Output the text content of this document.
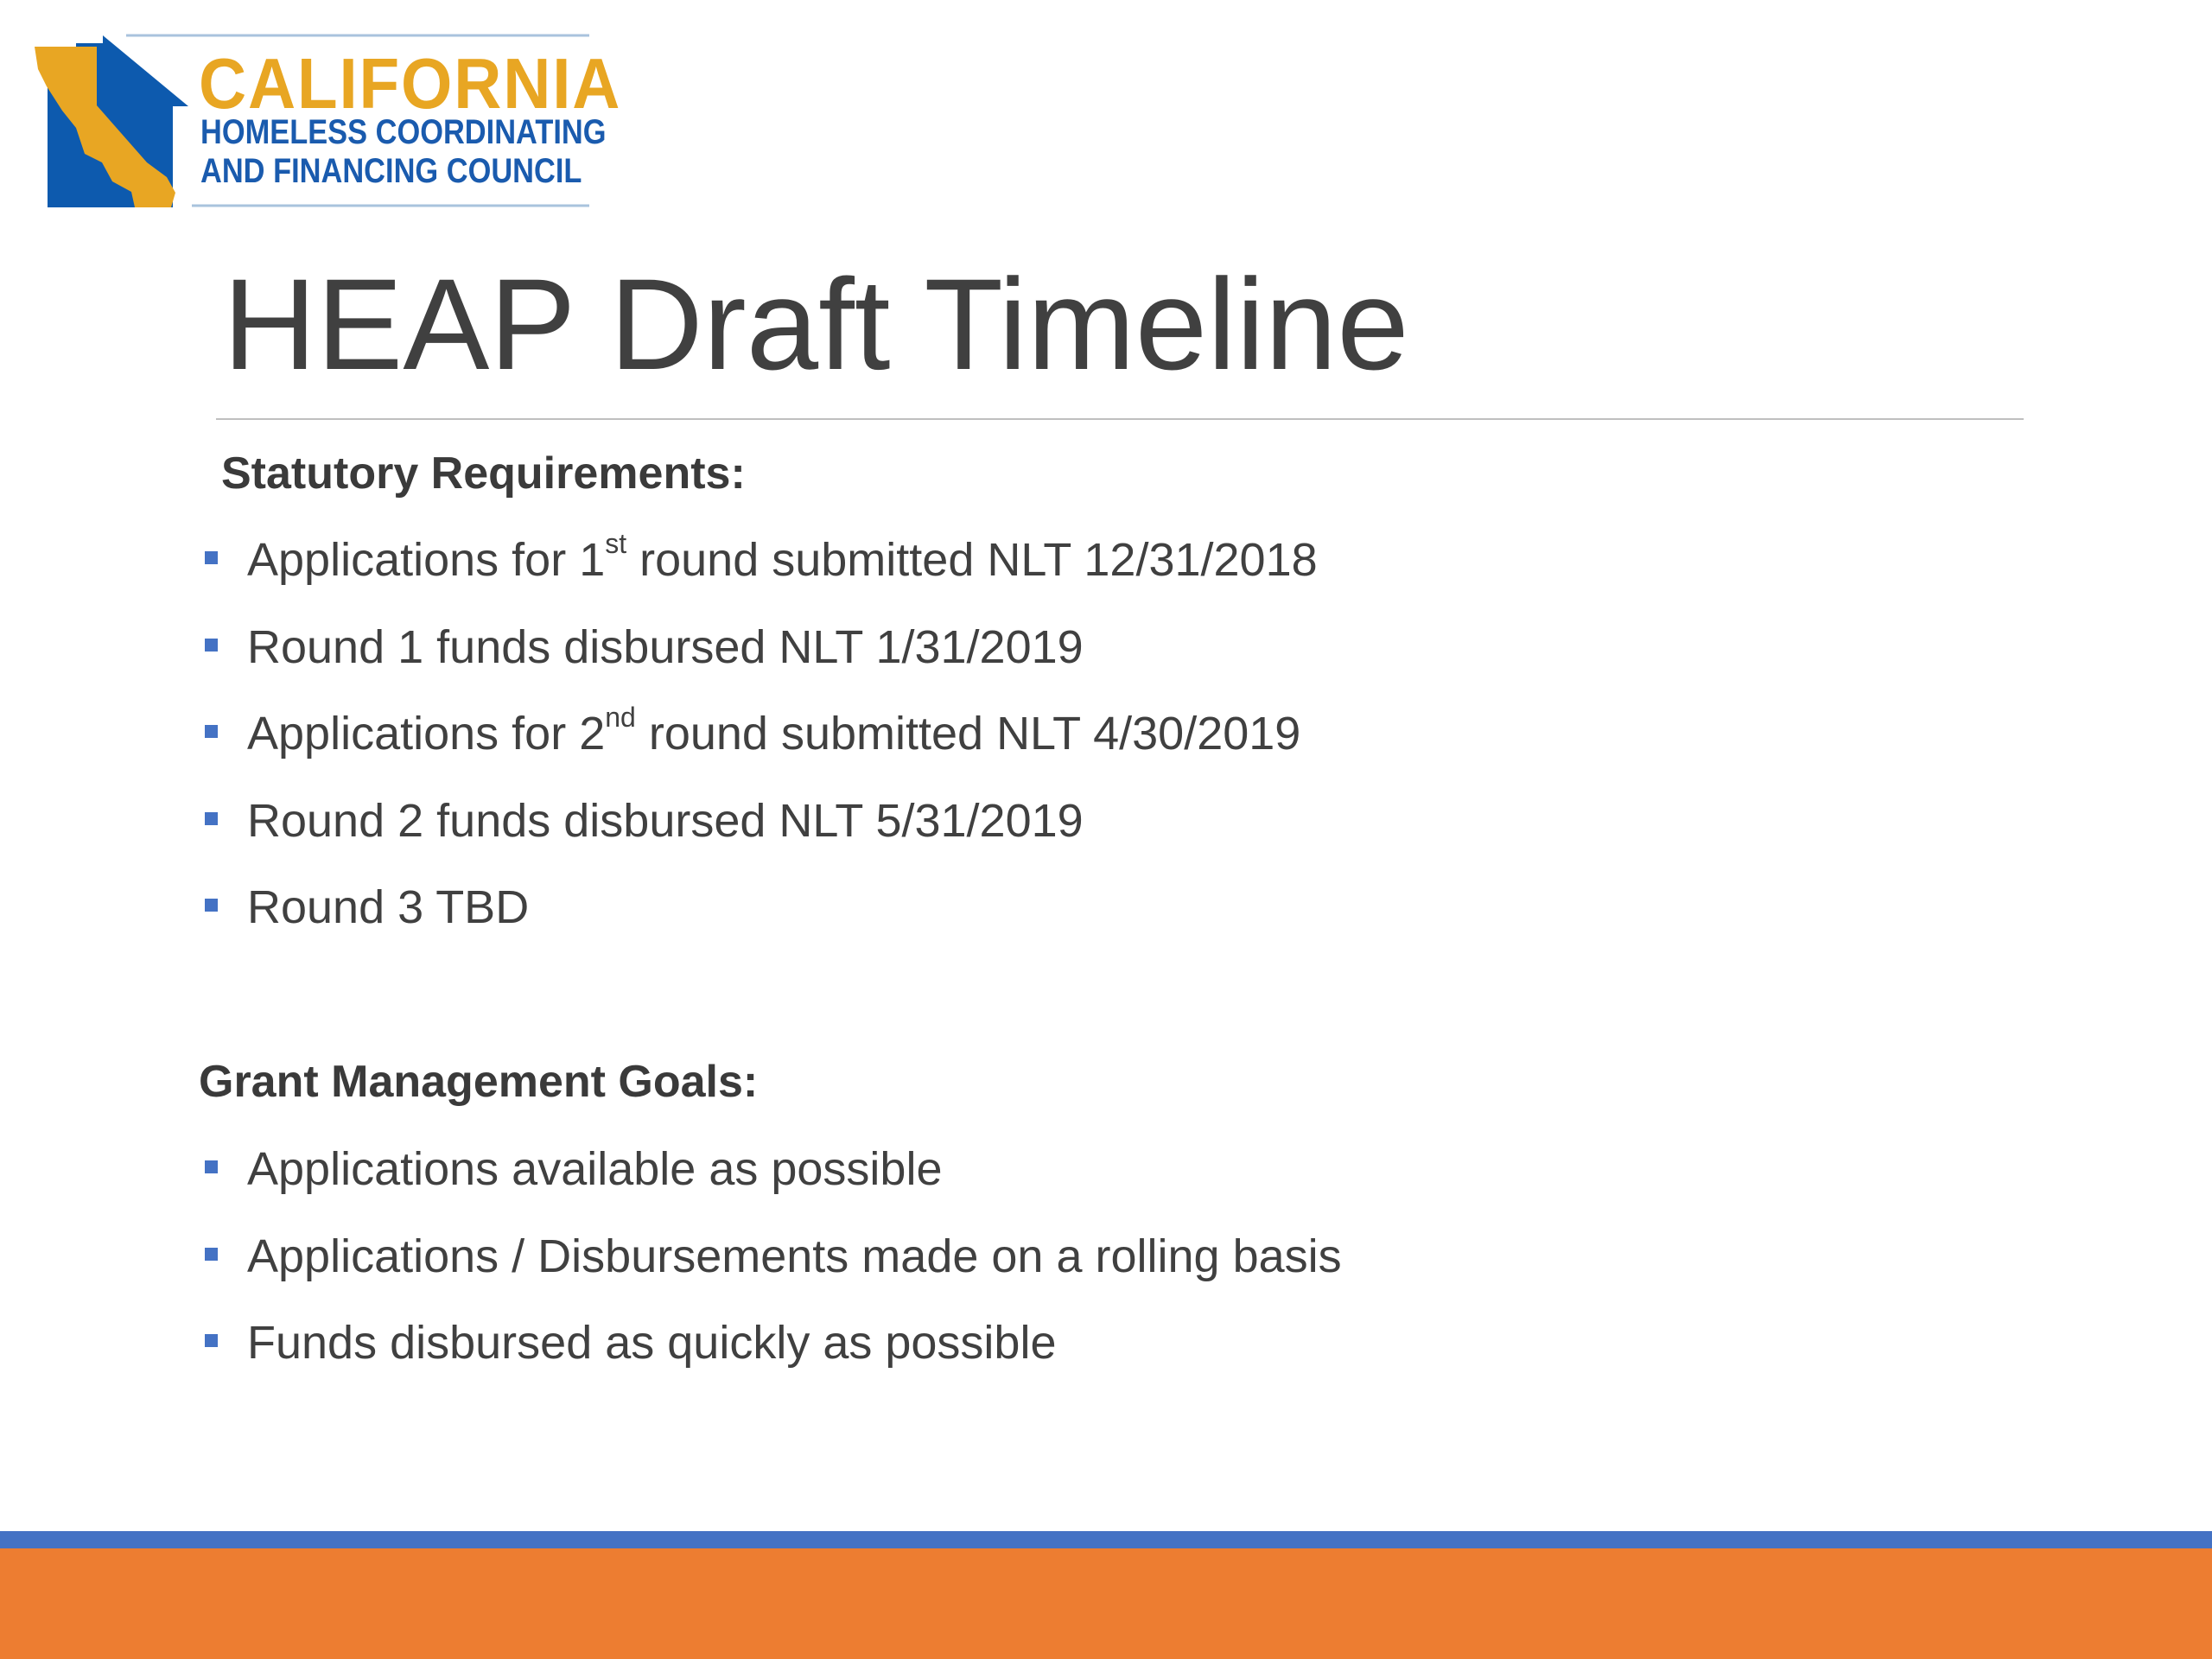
CALIFORNIA

HOMELESS COORDINATING

AND FINANCING COUNCIL

HEAP Draft Timeline
Statutory Requirements:
Applications for 1st round submitted NLT 12/31/2018
Round 1 funds disbursed NLT 1/31/2019
Applications for 2nd round submitted NLT 4/30/2019
Round 2 funds disbursed NLT 5/31/2019
Round 3 TBD
Grant Management Goals:
Applications available as possible
Applications / Disbursements made on a rolling basis
Funds disbursed as quickly as possible
